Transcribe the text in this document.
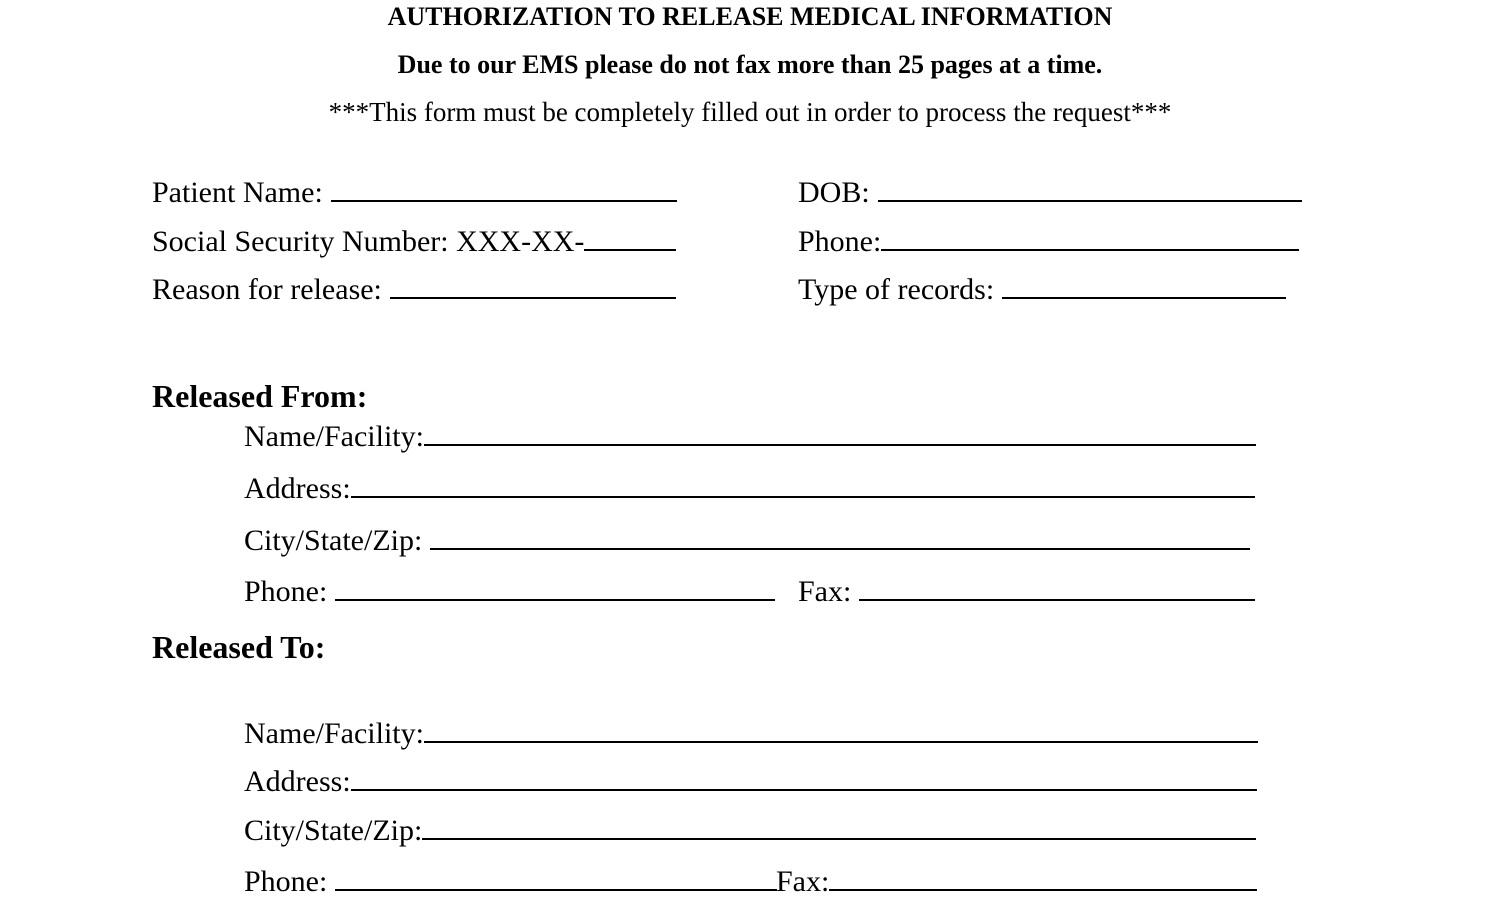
AUTHORIZATION TO RELEASE MEDICAL INFORMATION
Due to our EMS please do not fax more than 25 pages at a time.
***This form must be completely filled out in order to process the request***
Patient Name:
Social Security Number: XXX-XX-
Reason for release:
DOB:
Phone:
Type of records:
Released From:
Name/Facility:
Address:
City/State/Zip:
Phone:	Fax:
Released To:
Name/Facility:
Address:
City/State/Zip:
Phone:	Fax:
